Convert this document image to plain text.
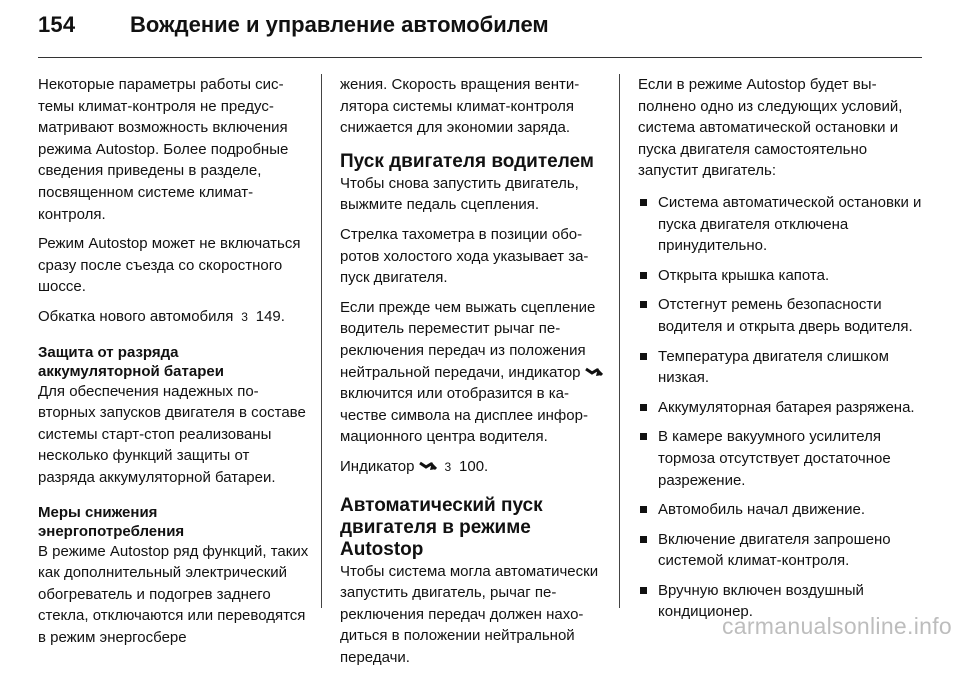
154 Вождение и управление автомобилем

Некоторые параметры работы системы климат-контроля не предусматривают возможность включения режима Autostop. Более подробные сведения приведены в разделе, посвященном системе климат-контроля.

Режим Autostop может не включаться сразу после съезда со скоростного шоссе.

Обкатка нового автомобиля 3 149.

Защита от разряда
аккумуляторной батареи

Для обеспечения надежных повторных запусков двигателя в составе системы старт-стоп реализованы несколько функций защиты от разряда аккумуляторной батареи.

Меры снижения
энергопотребления

В режиме Autostop ряд функций, таких как дополнительный электрический обогреватель и подогрев заднего стекла, отключаются или переводятся в режим энергосбере

жения. Скорость вращения вентилятора системы климат-контроля снижается для экономии заряда.

Пуск двигателя водителем

Чтобы снова запустить двигатель, выжмите педаль сцепления.

Стрелка тахометра в позиции оборотов холостого хода указывает запуск двигателя.

Если прежде чем выжать сцепление водитель переместит рычаг переключения передач из положения нейтральной передачи, индикатор  включится или отобразится в качестве символа на дисплее информационного центра водителя.

Индикатор	3 100.

Автоматический пуск
двигателя в режиме Autostop

Чтобы система могла автоматически запустить двигатель, рычаг переключения передач должен находиться в положении нейтральной передачи.

Если в режиме Autostop будет выполнено одно из следующих условий, система автоматической остановки и пуска двигателя самостоятельно запустит двигатель:

Система автоматической остановки и пуска двигателя отключена принудительно.
Открыта крышка капота.
Отстегнут ремень безопасности водителя и открыта дверь водителя.
Температура двигателя слишком низкая.
Аккумуляторная батарея разряжена.
В камере вакуумного усилителя тормоза отсутствует достаточное разрежение.
Автомобиль начал движение.
Включение двигателя запрошено системой климат-контроля.
Вручную включен воздушный кондиционер.
carmanualsonline.info
